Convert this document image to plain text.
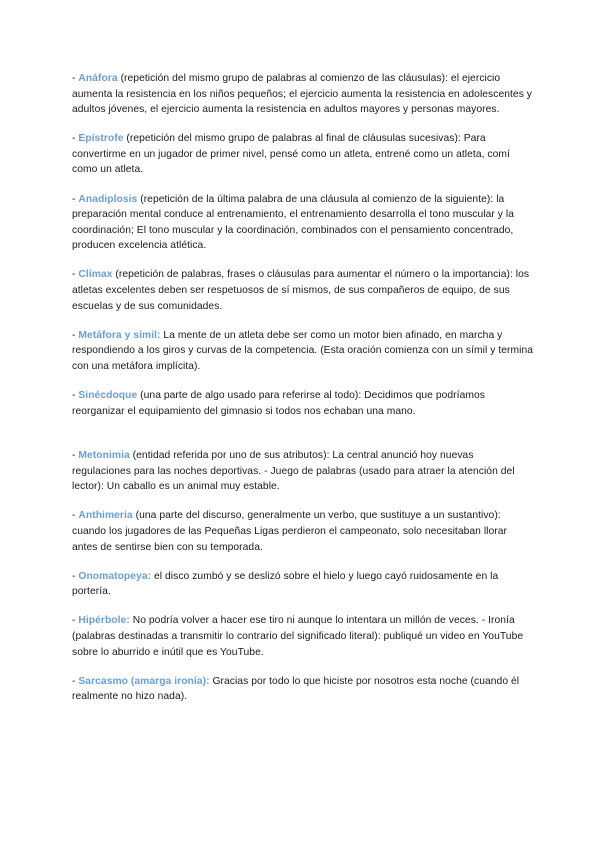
- Anáfora (repetición del mismo grupo de palabras al comienzo de las cláusulas): el ejercicio aumenta la resistencia en los niños pequeños; el ejercicio aumenta la resistencia en adolescentes y adultos jóvenes, el ejercicio aumenta la resistencia en adultos mayores y personas mayores.

- Epístrofe (repetición del mismo grupo de palabras al final de cláusulas sucesivas): Para convertirme en un jugador de primer nivel, pensé como un atleta, entrené como un atleta, comí como un atleta.

- Anadiplosis (repetición de la última palabra de una cláusula al comienzo de la siguiente): la preparación mental conduce al entrenamiento, el entrenamiento desarrolla el tono muscular y la coordinación; El tono muscular y la coordinación, combinados con el pensamiento concentrado, producen excelencia atlética.

- Clímax (repetición de palabras, frases o cláusulas para aumentar el número o la importancia): los atletas excelentes deben ser respetuosos de sí mismos, de sus compañeros de equipo, de sus escuelas y de sus comunidades.

- Metáfora y símil: La mente de un atleta debe ser como un motor bien afinado, en marcha y respondiendo a los giros y curvas de la competencia. (Esta oración comienza con un símil y termina con una metáfora implícita).

- Sinécdoque (una parte de algo usado para referirse al todo): Decidimos que podríamos reorganizar el equipamiento del gimnasio si todos nos echaban una mano.

- Metonimia (entidad referida por uno de sus atributos): La central anunció hoy nuevas regulaciones para las noches deportivas. - Juego de palabras (usado para atraer la atención del lector): Un caballo es un animal muy estable.

- Anthimeria (una parte del discurso, generalmente un verbo, que sustituye a un sustantivo): cuando los jugadores de las Pequeñas Ligas perdieron el campeonato, solo necesitaban llorar antes de sentirse bien con su temporada.

- Onomatopeya: el disco zumbó y se deslizó sobre el hielo y luego cayó ruidosamente en la portería.

- Hipérbole: No podría volver a hacer ese tiro ni aunque lo intentara un millón de veces. - Ironía (palabras destinadas a transmitir lo contrario del significado literal): publiqué un video en YouTube sobre lo aburrido e inútil que es YouTube.

- Sarcasmo (amarga ironía): Gracias por todo lo que hiciste por nosotros esta noche (cuando él realmente no hizo nada).
